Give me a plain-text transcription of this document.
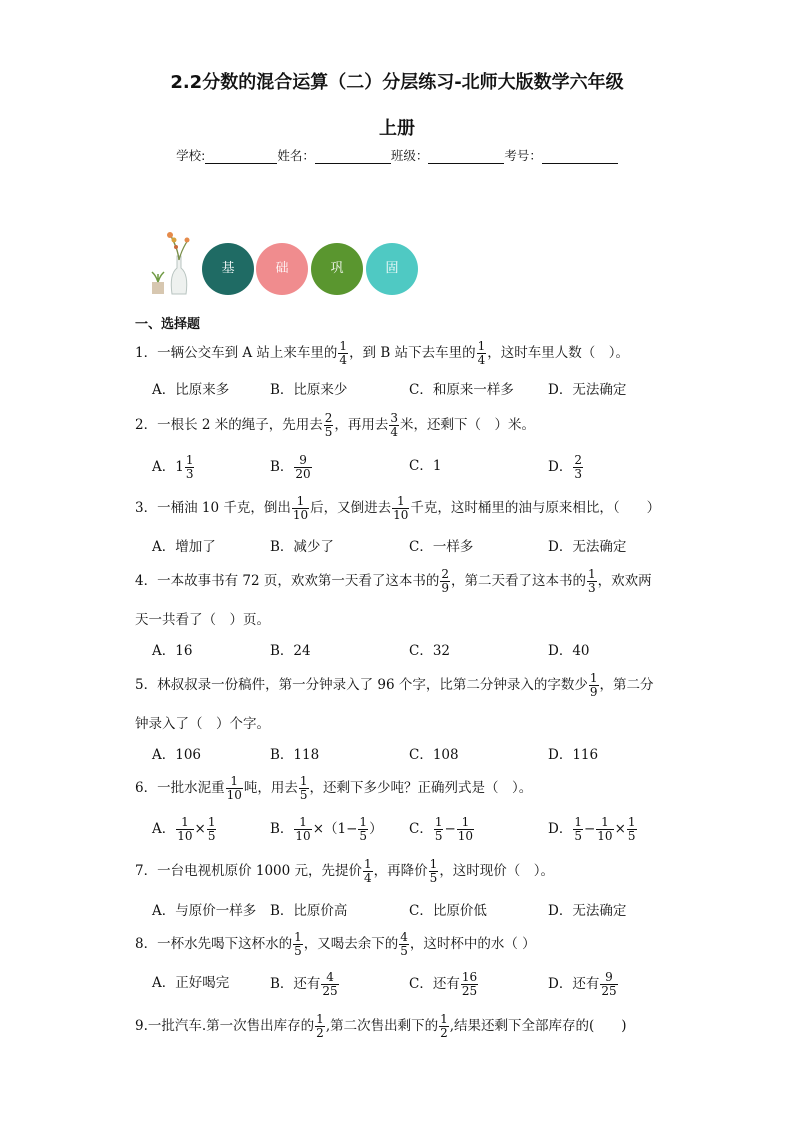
2.2分数的混合运算（二）分层练习-北师大版数学六年级
上册
学校:	姓名：	班级：	考号：
基	础	巩	固
一、选择题
1．一辆公交车到 A 站上来车里的 $\frac{1}{4}$ ，到 B 站下去车里的 $\frac{1}{4}$ ，这时车里人数（　）。
A．比原来多	B．比原来少	C．和原来一样多	D．无法确定
2．一根长 2 米的绳子，先用去 $\frac{2}{5}$ ，再用去 $\frac{3}{4}$ 米，还剩下（　）米。
A．$1 \frac{1}{3}$	B． $\frac{9}{20}$	C．1	D． $\frac{2}{3}$
3．一桶油 10 千克，倒出 $\frac{1}{10}$ 后，又倒进去 $\frac{1}{10}$ 千克，这时桶里的油与原来相比，（　　）
A．增加了	B．减少了	C．一样多	D．无法确定
4．一本故事书有 72 页，欢欢第一天看了这本书的 $\frac{2}{9}$ ，第二天看了这本书的 $\frac{1}{3}$ ，欢欢两
天一共看了（　）页。
A．16	B．24	C．32	D．40
5．林叔叔录一份稿件，第一分钟录入了 96 个字，比第二分钟录入的字数少 $\frac{1}{9}$ ，第二分
钟录入了（　）个字。
A．106	B．118	C．108	D．116
6．一批水泥重 $\frac{1}{10}$ 吨，用去 $\frac{1}{5}$ ，还剩下多少吨？正确列式是（　）。
A． $\frac{1}{10} \times \frac{1}{5}$	B． $\frac{1}{10} \times(1- \frac{1}{5}$ ） C． $\frac{1}{5} - \frac{1}{10}$	D． $\frac{1}{5} - \frac{1}{10} \times \frac{1}{5}$
7．一台电视机原价 1000 元，先提价 $\frac{1}{4}$ ，再降价 $\frac{1}{5}$ ，这时现价（　）。
A．与原价一样多 B．比原价高	C．比原价低	D．无法确定
8．一杯水先喝下这杯水的 $\frac{1}{5}$ ，又喝去余下的 $\frac{4}{5}$ ，这时杯中的水（ ）
A．正好喝完	B．还有 $\frac{4}{25}$	C．还有 $\frac{16}{25}$	D．还有 $\frac{9}{25}$
9.一批汽车.第一次售出库存的 $\frac{1}{2}$ ,第二次售出剩下的 $\frac{1}{2}$ ,结果还剩下全部库存的(　　)
